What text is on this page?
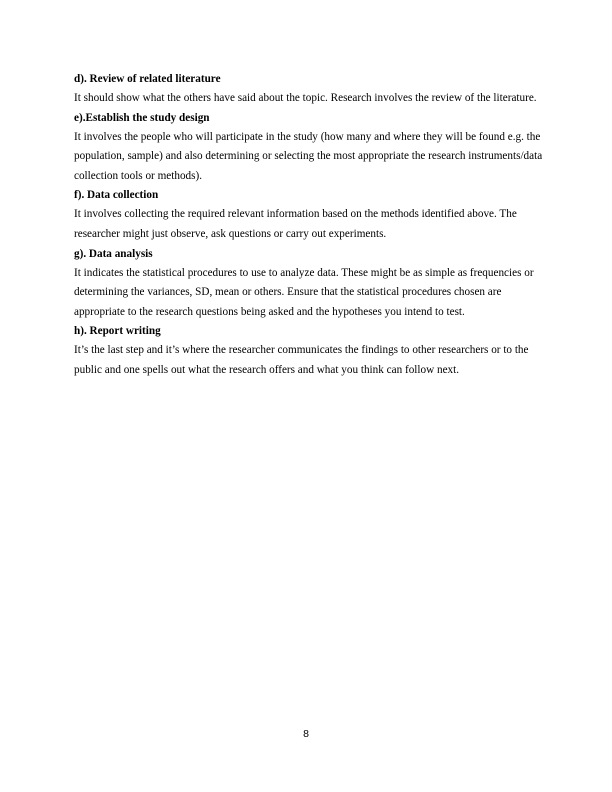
d). Review of related literature

It should show what the others have said about the topic. Research involves the review of the literature.

e).Establish the study design

It involves the people who will participate in the study (how many and where they will be found e.g. the population, sample) and also determining or selecting the most appropriate the research instruments/data collection tools or methods).

f). Data collection

It involves collecting the required relevant information based on the methods identified above. The researcher might just observe, ask questions or carry out experiments.

g). Data analysis

It indicates the statistical procedures to use to analyze data. These might be as simple as frequencies or determining the variances, SD, mean or others. Ensure that the statistical procedures chosen are appropriate to the research questions being asked and the hypotheses you intend to test.

h). Report writing

It’s the last step and it’s where the researcher communicates the findings to other researchers or to the public and one spells out what the research offers and what you think can follow next.

8
